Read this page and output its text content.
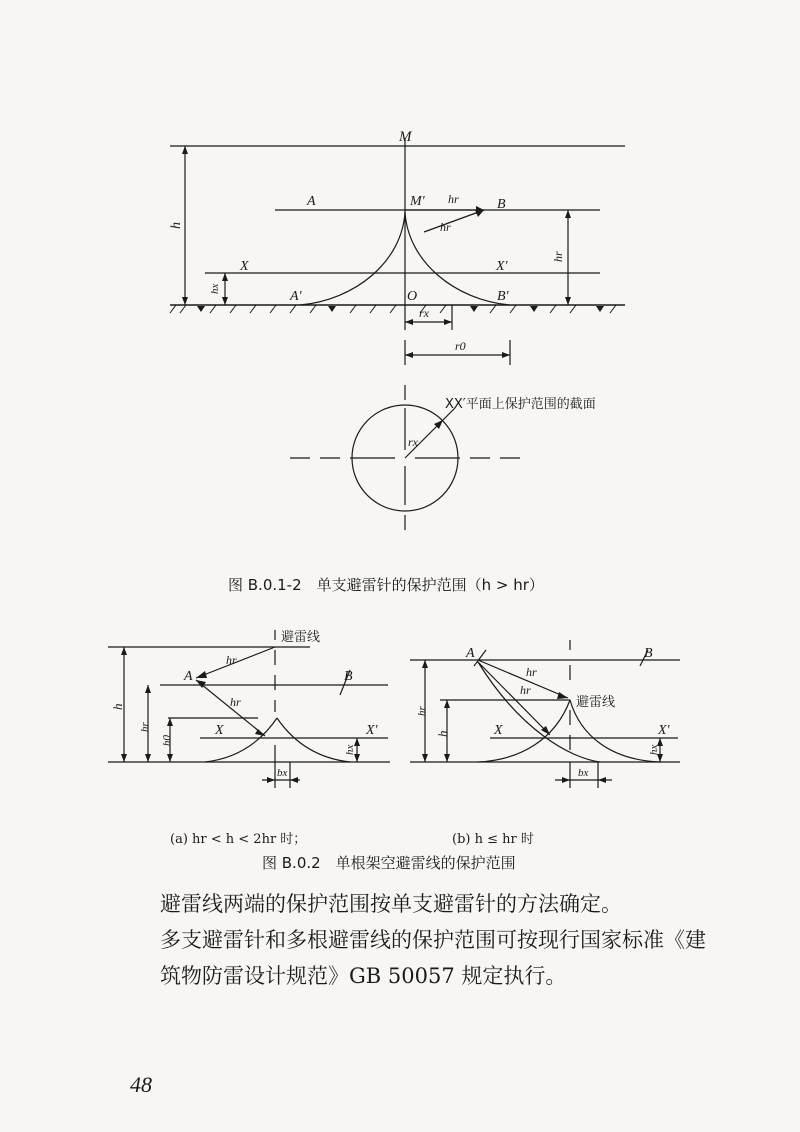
M
M′
A	B
X	X′
A′	B′
O
h
hr
hr
hr
hx
rx
r0
rx
XX′平面上保护范围的截面
图 B.0.1-2　单支避雷针的保护范围（h > hr）
避雷线
A	B
X	X′
h
hr
hr
hr
h0
hx
bx
避雷线
A	B
X	X′
hr
h
hr
hr
hx
bx
(a) hr < h < 2hr 时；	(b) h ≤ hr 时
图 B.0.2　单根架空避雷线的保护范围

避雷线两端的保护范围按单支避雷针的方法确定。

多支避雷针和多根避雷线的保护范围可按现行国家标准《建筑物防雷设计规范》GB 50057 规定执行。

48
